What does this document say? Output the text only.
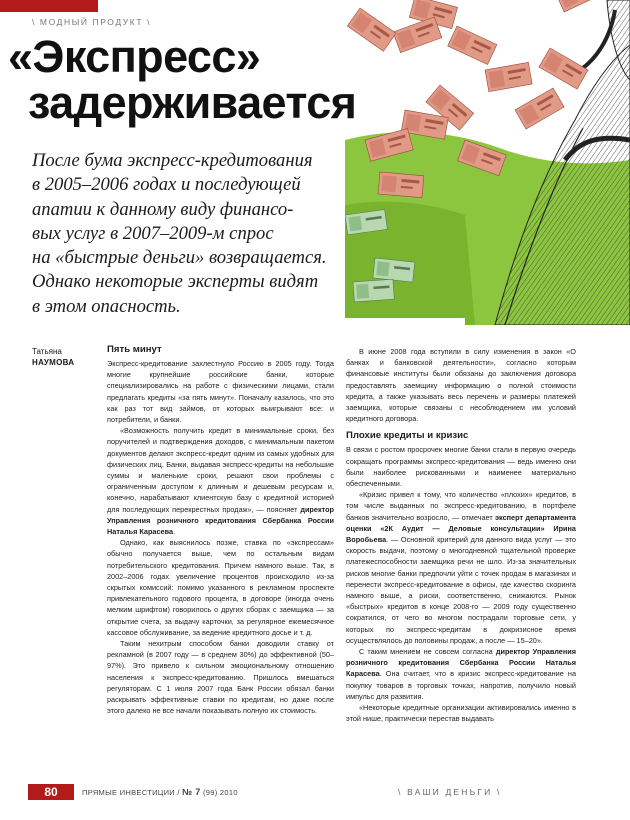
\ МОДНЫЙ ПРОДУКТ \
«Экспресс»
задерживается
После бума экспресс-кредитования
в 2005–2006 годах и последующей
апатии к данному виду финансо-
вых услуг в 2007–2009-м спрос
на «быстрые деньги» возвращается.
Однако некоторые эксперты видят
в этом опасность.
Татьяна
НАУМОВА
Пять минут

Экспресс-кредитование захлестнуло Россию в 2005 году. Тогда многие крупнейшие российские банки, которые специализировались на работе с физическими лицами, стали предлагать кредиты «за пять минут». Поначалу казалось, что это как раз тот вид займов, от которых выигрывают все: и потребители, и банки.

«Возможность получить кредит в минимальные сроки, без поручителей и подтверждения доходов, с минимальным пакетом документов делают экспресс-кредит одним из самых удобных для физических лиц. Банки, выдавая экспресс-кредиты на небольшие суммы и маленькие сроки, решают свои проблемы с ограниченным доступом к длинным и дешевым ресурсам и, конечно, нарабатывают клиентскую базу с кредитной историей для последующих перекрестных продаж», — поясняет директор Управления розничного кредитования Сбербанка России Наталья Карасева.

Однако, как выяснилось позже, ставка по «экспрессам» обычно получается выше, чем по остальным видам потребительского кредитования. Причем намного выше. Так, в 2002–2006 годах увеличение процентов происходило из-за скрытых комиссий: помимо указанного в рекламном проспекте привлекательного годового процента, в договоре (иногда очень мелким шрифтом) говорилось о других сборах с заемщика — за открытие счета, за выдачу карточки, за регулярное ежемесячное кассовое обслуживание, за ведение кредитного досье и т. д.

Таким нехитрым способом банки доводили ставку от рекламной (в 2007 году — в среднем 30%) до эффективной (50–97%). Это привело к сильном эмоциональному отношению населения к экспресс-кредитованию. Пришлось вмешаться регуляторам. С 1 июля 2007 года Банк России обязал банки раскрывать эффективные ставки по кредитам, но даже после этого далеко не все начали показывать полную их стоимость.

В июне 2008 года вступили в силу изменения в закон «О банках и банковской деятельности», согласно которым финансовые институты были обязаны до заключения договора предоставлять заемщику информацию о полной стоимости кредита, а также указывать весь перечень и размеры платежей заемщика, которые связаны с несоблюдением им условий кредитного договора.

Плохие кредиты и кризис

В связи с ростом просрочек многие банки стали в первую очередь сокращать программы экспресс-кредитования — ведь именно они были наиболее рискованными и наименее материально обеспеченными.

«Кризис привел к тому, что количество «плохих» кредитов, в том числе выданных по экспресс-кредитованию, в портфеле банков значительно возросло, — отмечает эксперт департамента оценки «2К Аудит — Деловые консультации» Ирина Воробьева. — Основной критерий для данного вида услуг — это скорость выдачи, поэтому о многодневной тщательной проверке платежеспособности заемщика речи не шло. Из-за значительных рисков многие банки предпочли уйти с точек продаж в магазинах и перенести экспресс-кредитование в офисы, где качество скоринга намного выше, а риски, соответственно, снижаются. Рынок «быстрых» кредитов в конце 2008-го — 2009 году существенно сократился, от чего во многом пострадали торговые сети, у которых по экспресс-кредитам в докризисное время осуществлялось до половины продаж, а после — 15–20».

С таким мнением не совсем согласна директор Управления розничного кредитования Сбербанка России Наталья Карасева. Она считает, что в кризис экспресс-кредитование на покупку товаров в торговых точках, напротив, получило новый импульс для развития.

«Некоторые кредитные организации активировались именно в этой нише, практически перестав выдавать

80	ПРЯМЫЕ ИНВЕСТИЦИИ / № 7 (99) 2010	\ ВАШИ ДЕНЬГИ \
